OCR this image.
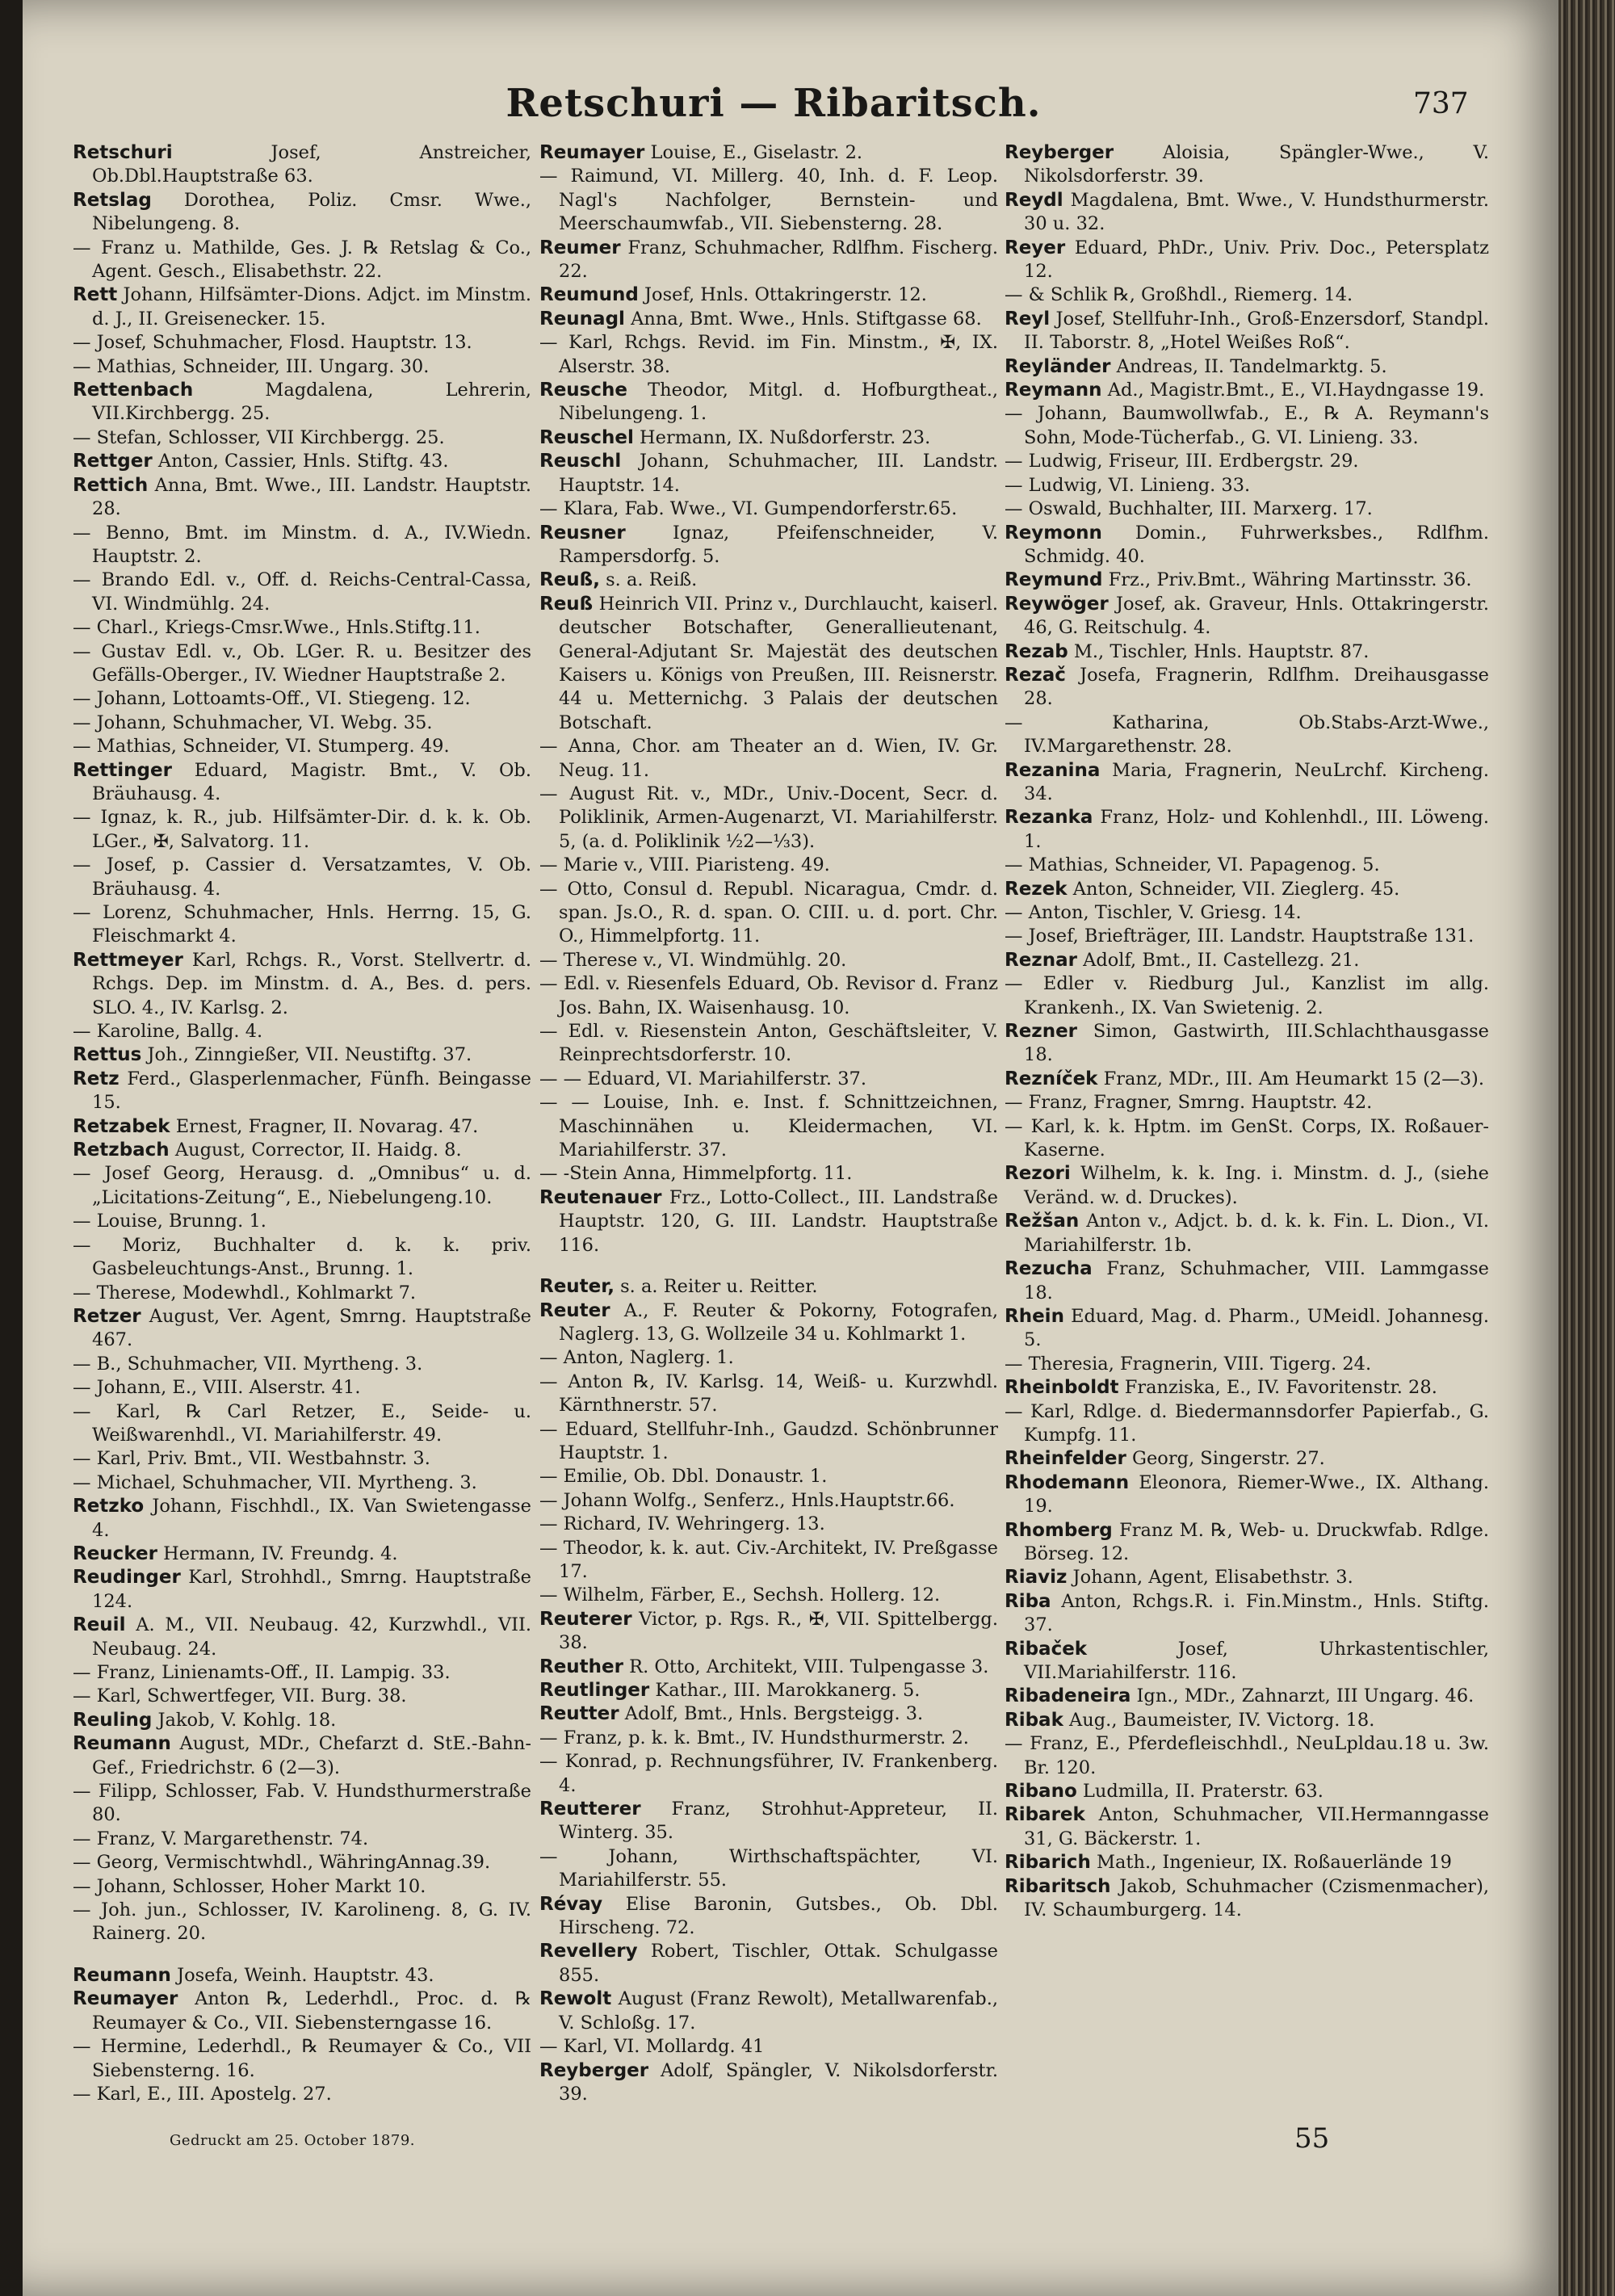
Retschuri — Ribaritsch.	737

Retschuri Josef, Anstreicher, Ob.Dbl.Hauptstraße 63.

Retslag Dorothea, Poliz. Cmsr. Wwe., Nibelungeng. 8.

— Franz u. Mathilde, Ges. J. ℞ Retslag & Co., Agent. Gesch., Elisabethstr. 22.

Rett Johann, Hilfsämter-Dions. Adjct. im Minstm. d. J., II. Greisenecker. 15.

— Josef, Schuhmacher, Flosd. Hauptstr. 13.

— Mathias, Schneider, III. Ungarg. 30.

Rettenbach Magdalena, Lehrerin, VII.Kirchbergg. 25.

— Stefan, Schlosser, VII Kirchbergg. 25.

Rettger Anton, Cassier, Hnls. Stiftg. 43.

Rettich Anna, Bmt. Wwe., III. Landstr. Hauptstr. 28.

— Benno, Bmt. im Minstm. d. A., IV.Wiedn. Hauptstr. 2.

— Brando Edl. v., Off. d. Reichs-Central-Cassa, VI. Windmühlg. 24.

— Charl., Kriegs-Cmsr.Wwe., Hnls.Stiftg.11.

— Gustav Edl. v., Ob. LGer. R. u. Besitzer des Gefälls-Oberger., IV. Wiedner Hauptstraße 2.

— Johann, Lottoamts-Off., VI. Stiegeng. 12.

— Johann, Schuhmacher, VI. Webg. 35.

— Mathias, Schneider, VI. Stumperg. 49.

Rettinger Eduard, Magistr. Bmt., V. Ob. Bräuhausg. 4.

— Ignaz, k. R., jub. Hilfsämter-Dir. d. k. k. Ob. LGer., ✠, Salvatorg. 11.

— Josef, p. Cassier d. Versatzamtes, V. Ob. Bräuhausg. 4.

— Lorenz, Schuhmacher, Hnls. Herrng. 15, G. Fleischmarkt 4.

Rettmeyer Karl, Rchgs. R., Vorst. Stellvertr. d. Rchgs. Dep. im Minstm. d. A., Bes. d. pers. SLO. 4., IV. Karlsg. 2.

— Karoline, Ballg. 4.

Rettus Joh., Zinngießer, VII. Neustiftg. 37.

Retz Ferd., Glasperlenmacher, Fünfh. Beingasse 15.

Retzabek Ernest, Fragner, II. Novarag. 47.

Retzbach August, Corrector, II. Haidg. 8.

— Josef Georg, Herausg. d. „Omnibus“ u. d. „Licitations-Zeitung“, E., Niebelungeng.10.

— Louise, Brunng. 1.

— Moriz, Buchhalter d. k. k. priv. Gasbeleuchtungs-Anst., Brunng. 1.

— Therese, Modewhdl., Kohlmarkt 7.

Retzer August, Ver. Agent, Smrng. Hauptstraße 467.

— B., Schuhmacher, VII. Myrtheng. 3.

— Johann, E., VIII. Alserstr. 41.

— Karl, ℞ Carl Retzer, E., Seide- u. Weißwarenhdl., VI. Mariahilferstr. 49.

— Karl, Priv. Bmt., VII. Westbahnstr. 3.

— Michael, Schuhmacher, VII. Myrtheng. 3.

Retzko Johann, Fischhdl., IX. Van Swietengasse 4.

Reucker Hermann, IV. Freundg. 4.

Reudinger Karl, Strohhdl., Smrng. Hauptstraße 124.

Reuil A. M., VII. Neubaug. 42, Kurzwhdl., VII. Neubaug. 24.

— Franz, Linienamts-Off., II. Lampig. 33.

— Karl, Schwertfeger, VII. Burg. 38.

Reuling Jakob, V. Kohlg. 18.

Reumann August, MDr., Chefarzt d. StE.-Bahn-Gef., Friedrichstr. 6 (2—3).

— Filipp, Schlosser, Fab. V. Hundsthurmerstraße 80.

— Franz, V. Margarethenstr. 74.

— Georg, Vermischtwhdl., WähringAnnag.39.

— Johann, Schlosser, Hoher Markt 10.

— Joh. jun., Schlosser, IV. Karolineng. 8, G. IV. Rainerg. 20.

Reumann Josefa, Weinh. Hauptstr. 43.

Reumayer Anton ℞, Lederhdl., Proc. d. ℞ Reumayer & Co., VII. Siebensterngasse 16.

— Hermine, Lederhdl., ℞ Reumayer & Co., VII Siebensterng. 16.

— Karl, E., III. Apostelg. 27.

Reumayer Louise, E., Giselastr. 2.

— Raimund, VI. Millerg. 40, Inh. d. F. Leop. Nagl's Nachfolger, Bernstein- und Meerschaumwfab., VII. Siebensterng. 28.

Reumer Franz, Schuhmacher, Rdlfhm. Fischerg. 22.

Reumund Josef, Hnls. Ottakringerstr. 12.

Reunagl Anna, Bmt. Wwe., Hnls. Stiftgasse 68.

— Karl, Rchgs. Revid. im Fin. Minstm., ✠, IX. Alserstr. 38.

Reusche Theodor, Mitgl. d. Hofburgtheat., Nibelungeng. 1.

Reuschel Hermann, IX. Nußdorferstr. 23.

Reuschl Johann, Schuhmacher, III. Landstr. Hauptstr. 14.

— Klara, Fab. Wwe., VI. Gumpendorferstr.65.

Reusner Ignaz, Pfeifenschneider, V. Rampersdorfg. 5.

Reuß, s. a. Reiß.

Reuß Heinrich VII. Prinz v., Durchlaucht, kaiserl. deutscher Botschafter, Generallieutenant, General-Adjutant Sr. Majestät des deutschen Kaisers u. Königs von Preußen, III. Reisnerstr. 44 u. Metternichg. 3 Palais der deutschen Botschaft.

— Anna, Chor. am Theater an d. Wien, IV. Gr. Neug. 11.

— August Rit. v., MDr., Univ.-Docent, Secr. d. Poliklinik, Armen-Augenarzt, VI. Mariahilferstr. 5, (a. d. Poliklinik ½2—⅓3).

— Marie v., VIII. Piaristeng. 49.

— Otto, Consul d. Republ. Nicaragua, Cmdr. d. span. Js.O., R. d. span. O. CIII. u. d. port. Chr. O., Himmelpfortg. 11.

— Therese v., VI. Windmühlg. 20.

— Edl. v. Riesenfels Eduard, Ob. Revisor d. Franz Jos. Bahn, IX. Waisenhausg. 10.

— Edl. v. Riesenstein Anton, Geschäftsleiter, V. Reinprechtsdorferstr. 10.

— — Eduard, VI. Mariahilferstr. 37.

— — Louise, Inh. e. Inst. f. Schnittzeichnen, Maschinnähen u. Kleidermachen, VI. Mariahilferstr. 37.

— -Stein Anna, Himmelpfortg. 11.

Reutenauer Frz., Lotto-Collect., III. Landstraße Hauptstr. 120, G. III. Landstr. Hauptstraße 116.

Reuter, s. a. Reiter u. Reitter.

Reuter A., F. Reuter & Pokorny, Fotografen, Naglerg. 13, G. Wollzeile 34 u. Kohlmarkt 1.

— Anton, Naglerg. 1.

— Anton ℞, IV. Karlsg. 14, Weiß- u. Kurzwhdl. Kärnthnerstr. 57.

— Eduard, Stellfuhr-Inh., Gaudzd. Schönbrunner Hauptstr. 1.

— Emilie, Ob. Dbl. Donaustr. 1.

— Johann Wolfg., Senferz., Hnls.Hauptstr.66.

— Richard, IV. Wehringerg. 13.

— Theodor, k. k. aut. Civ.-Architekt, IV. Preßgasse 17.

— Wilhelm, Färber, E., Sechsh. Hollerg. 12.

Reuterer Victor, p. Rgs. R., ✠, VII. Spittelbergg. 38.

Reuther R. Otto, Architekt, VIII. Tulpengasse 3.

Reutlinger Kathar., III. Marokkanerg. 5.

Reutter Adolf, Bmt., Hnls. Bergsteigg. 3.

— Franz, p. k. k. Bmt., IV. Hundsthurmerstr. 2.

— Konrad, p. Rechnungsführer, IV. Frankenberg. 4.

Reutterer Franz, Strohhut-Appreteur, II. Winterg. 35.

— Johann, Wirthschaftspächter, VI. Mariahilferstr. 55.

Révay Elise Baronin, Gutsbes., Ob. Dbl. Hirscheng. 72.

Revellery Robert, Tischler, Ottak. Schulgasse 855.

Rewolt August (Franz Rewolt), Metallwarenfab., V. Schloßg. 17.

— Karl, VI. Mollardg. 41

Reyberger Adolf, Spängler, V. Nikolsdorferstr. 39.

Reyberger Aloisia, Spängler-Wwe., V. Nikolsdorferstr. 39.

Reydl Magdalena, Bmt. Wwe., V. Hundsthurmerstr. 30 u. 32.

Reyer Eduard, PhDr., Univ. Priv. Doc., Petersplatz 12.

— & Schlik ℞, Großhdl., Riemerg. 14.

Reyl Josef, Stellfuhr-Inh., Groß-Enzersdorf, Standpl. II. Taborstr. 8, „Hotel Weißes Roß“.

Reyländer Andreas, II. Tandelmarktg. 5.

Reymann Ad., Magistr.Bmt., E., VI.Haydngasse 19.

— Johann, Baumwollwfab., E., ℞ A. Reymann's Sohn, Mode-Tücherfab., G. VI. Linieng. 33.

— Ludwig, Friseur, III. Erdbergstr. 29.

— Ludwig, VI. Linieng. 33.

— Oswald, Buchhalter, III. Marxerg. 17.

Reymonn Domin., Fuhrwerksbes., Rdlfhm. Schmidg. 40.

Reymund Frz., Priv.Bmt., Währing Martinsstr. 36.

Reywöger Josef, ak. Graveur, Hnls. Ottakringerstr. 46, G. Reitschulg. 4.

Rezab M., Tischler, Hnls. Hauptstr. 87.

Rezač Josefa, Fragnerin, Rdlfhm. Dreihausgasse 28.

— Katharina, Ob.Stabs-Arzt-Wwe., IV.Margarethenstr. 28.

Rezanina Maria, Fragnerin, NeuLrchf. Kircheng. 34.

Rezanka Franz, Holz- und Kohlenhdl., III. Löweng. 1.

— Mathias, Schneider, VI. Papagenog. 5.

Rezek Anton, Schneider, VII. Zieglerg. 45.

— Anton, Tischler, V. Griesg. 14.

— Josef, Briefträger, III. Landstr. Hauptstraße 131.

Reznar Adolf, Bmt., II. Castellezg. 21.

— Edler v. Riedburg Jul., Kanzlist im allg. Krankenh., IX. Van Swietenig. 2.

Rezner Simon, Gastwirth, III.Schlachthausgasse 18.

Rezníček Franz, MDr., III. Am Heumarkt 15 (2—3).

— Franz, Fragner, Smrng. Hauptstr. 42.

— Karl, k. k. Hptm. im GenSt. Corps, IX. Roßauer-Kaserne.

Rezori Wilhelm, k. k. Ing. i. Minstm. d. J., (siehe Veränd. w. d. Druckes).

Režšan Anton v., Adjct. b. d. k. k. Fin. L. Dion., VI. Mariahilferstr. 1b.

Rezucha Franz, Schuhmacher, VIII. Lammgasse 18.

Rhein Eduard, Mag. d. Pharm., UMeidl. Johannesg. 5.

— Theresia, Fragnerin, VIII. Tigerg. 24.

Rheinboldt Franziska, E., IV. Favoritenstr. 28.

— Karl, Rdlge. d. Biedermannsdorfer Papierfab., G. Kumpfg. 11.

Rheinfelder Georg, Singerstr. 27.

Rhodemann Eleonora, Riemer-Wwe., IX. Althang. 19.

Rhomberg Franz M. ℞, Web- u. Druckwfab. Rdlge. Börseg. 12.

Riaviz Johann, Agent, Elisabethstr. 3.

Riba Anton, Rchgs.R. i. Fin.Minstm., Hnls. Stiftg. 37.

Ribaček Josef, Uhrkastentischler, VII.Mariahilferstr. 116.

Ribadeneira Ign., MDr., Zahnarzt, III Ungarg. 46.

Ribak Aug., Baumeister, IV. Victorg. 18.

— Franz, E., Pferdefleischhdl., NeuLpldau.18 u. 3w. Br. 120.

Ribano Ludmilla, II. Praterstr. 63.

Ribarek Anton, Schuhmacher, VII.Hermanngasse 31, G. Bäckerstr. 1.

Ribarich Math., Ingenieur, IX. Roßauerlände 19

Ribaritsch Jakob, Schuhmacher (Czismenmacher), IV. Schaumburgerg. 14.

Gedruckt am 25. October 1879.	55
